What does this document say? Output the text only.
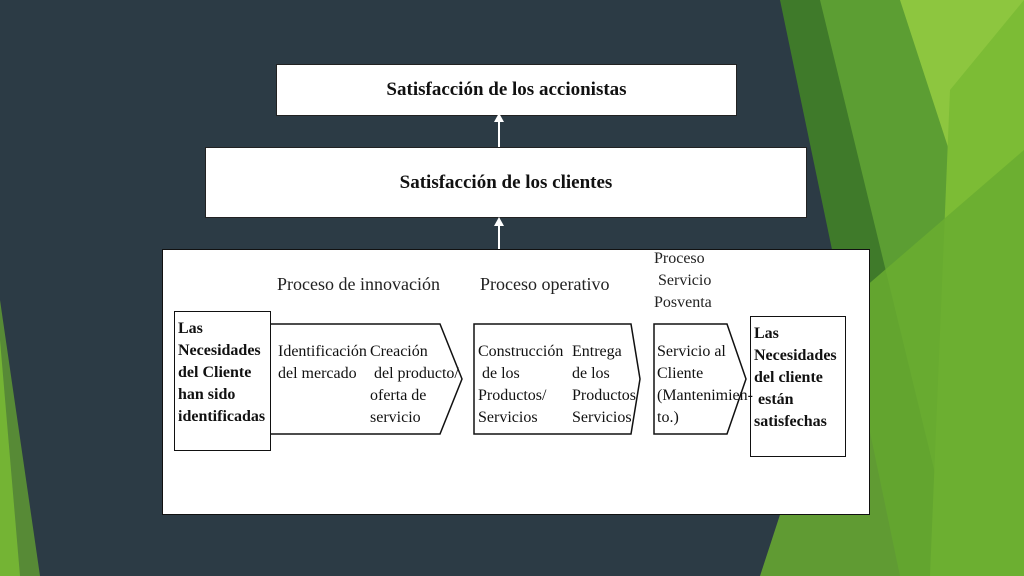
Satisfacción de los accionistas
Satisfacción de los clientes
Proceso de innovación Proceso operativo
Proceso
Servicio
Posventa
Las
Necesidades
del Cliente
han sido
identificadas
Las
Necesidades
del cliente
están
satisfechas
Identificación
del mercado
Creación
del producto/
oferta de
servicio
Construcción
de los
Productos/
Servicios
Entrega
de los
Productos
Servicios
Servicio al
Cliente
(Mantenimien-
to.)
